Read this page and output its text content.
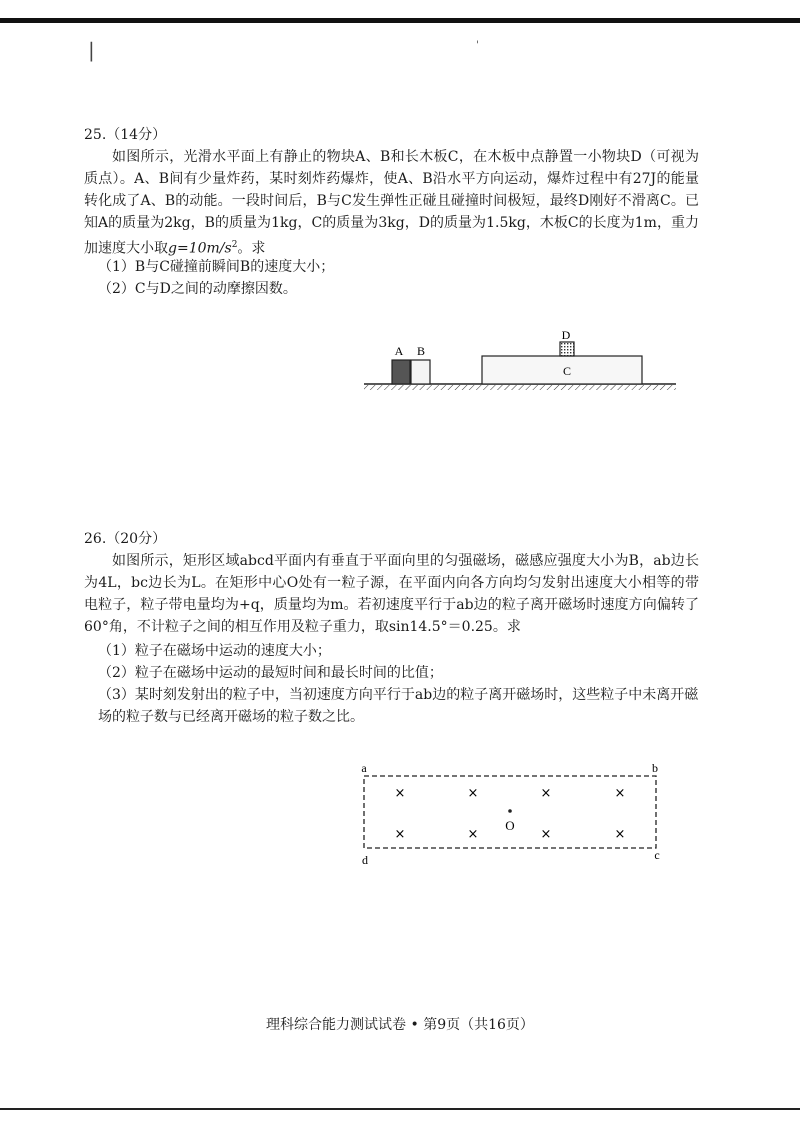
|	'
25.（14分）

如图所示，光滑水平面上有静止的物块A、B和长木板C，在木板中点静置一小物块D（可视为质点）。A、B间有少量炸药，某时刻炸药爆炸，使A、B沿水平方向运动，爆炸过程中有27J的能量转化成了A、B的动能。一段时间后，B与C发生弹性正碰且碰撞时间极短，最终D刚好不滑离C。已知A的质量为2kg，B的质量为1kg，C的质量为3kg，D的质量为1.5kg，木板C的长度为1m，重力加速度大小取$g=10m/s^2$。求

（1）B与C碰撞前瞬间B的速度大小；
（2）C与D之间的动摩擦因数。
A B
D
C
26.（20分）

如图所示，矩形区域abcd平面内有垂直于平面向里的匀强磁场，磁感应强度大小为B，ab边长为4L，bc边长为L。在矩形中心O处有一粒子源，在平面内向各方向均匀发射出速度大小相等的带电粒子，粒子带电量均为+q，质量均为m。若初速度平行于ab边的粒子离开磁场时速度方向偏转了60°角，不计粒子之间的相互作用及粒子重力，取sin14.5°＝0.25。求

（1）粒子在磁场中运动的速度大小；
（2）粒子在磁场中运动的最短时间和最长时间的比值；
（3）某时刻发射出的粒子中，当初速度方向平行于ab边的粒子离开磁场时，这些粒子中未离开磁场的粒子数与已经离开磁场的粒子数之比。
a	b
c
d
×	×	×	×
×	×	×	×
O
理科综合能力测试试卷 • 第9页（共16页）
